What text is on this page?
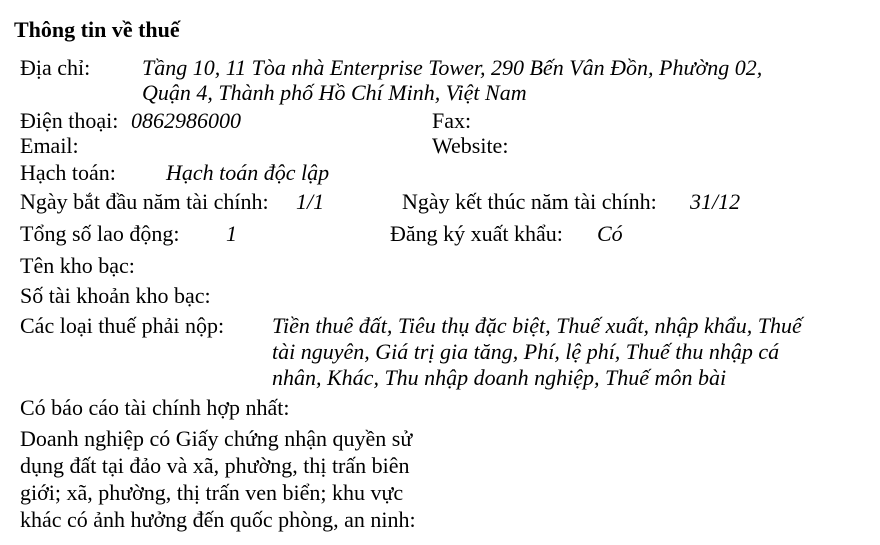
Thông tin về thuế
Địa chỉ: Tầng 10, 11 Tòa nhà Enterprise Tower, 290 Bến Vân Đồn, Phường 02,
Quận 4, Thành phố Hồ Chí Minh, Việt Nam
Điện thoại: 0862986000	Fax:
Email:	Website:
Hạch toán: Hạch toán độc lập
Ngày bắt đầu năm tài chính: 1/1	Ngày kết thúc năm tài chính: 31/12
Tổng số lao động: 1	Đăng ký xuất khẩu: Có
Tên kho bạc:
Số tài khoản kho bạc:
Các loại thuế phải nộp: Tiền thuê đất, Tiêu thụ đặc biệt, Thuế xuất, nhập khẩu, Thuế
tài nguyên, Giá trị gia tăng, Phí, lệ phí, Thuế thu nhập cá
nhân, Khác, Thu nhập doanh nghiệp, Thuế môn bài
Có báo cáo tài chính hợp nhất:
Doanh nghiệp có Giấy chứng nhận quyền sử
dụng đất tại đảo và xã, phường, thị trấn biên
giới; xã, phường, thị trấn ven biển; khu vực
khác có ảnh hưởng đến quốc phòng, an ninh:
